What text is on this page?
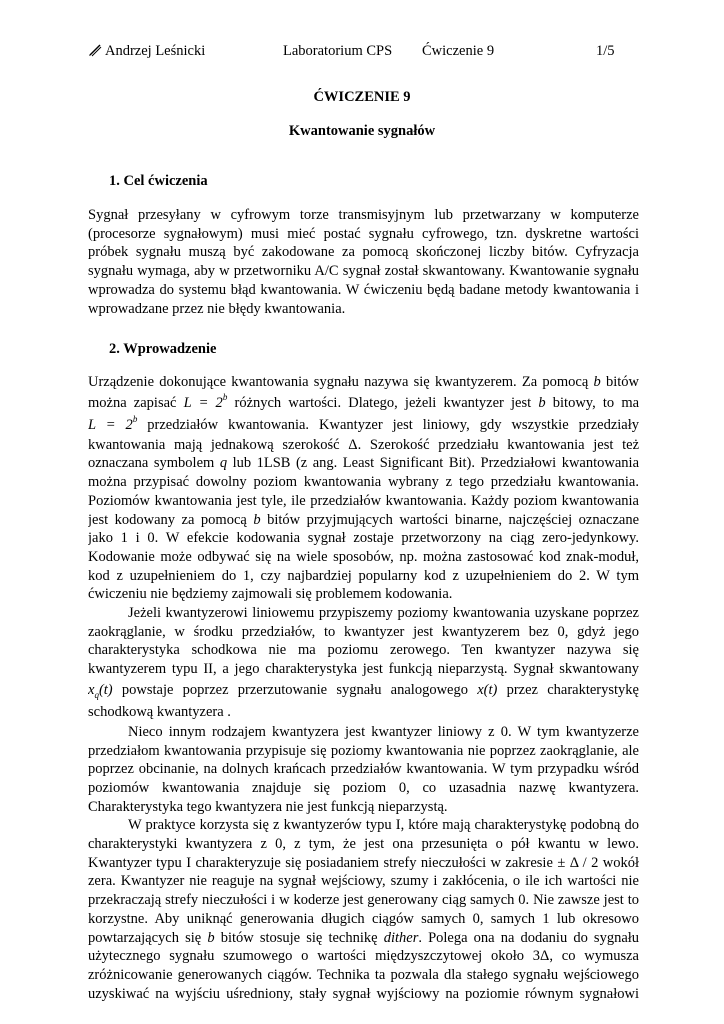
Andrzej Leśnicki	Laboratorium CPS Ćwiczenie 9	1/5
ĆWICZENIE 9
Kwantowanie sygnałów
1. Cel ćwiczenia
Sygnał przesyłany w cyfrowym torze transmisyjnym lub przetwarzany w komputerze
(procesorze sygnałowym) musi mieć postać sygnału cyfrowego, tzn. dyskretne wartości
próbek sygnału muszą być zakodowane za pomocą skończonej liczby bitów. Cyfryzacja
sygnału wymaga, aby w przetworniku A/C sygnał został skwantowany. Kwantowanie sygnału
wprowadza do systemu błąd kwantowania. W ćwiczeniu będą badane metody kwantowania i
wprowadzane przez nie błędy kwantowania.
2. Wprowadzenie
Urządzenie dokonujące kwantowania sygnału nazywa się kwantyzerem. Za pomocą b bitów
można zapisać $L = 2^b$ różnych wartości. Dlatego, jeżeli kwantyzer jest b bitowy, to ma
$L = 2^b$ przedziałów kwantowania. Kwantyzer jest liniowy, gdy wszystkie przedziały
kwantowania mają jednakową szerokość Δ. Szerokość przedziału kwantowania jest też
oznaczana symbolem q lub 1LSB (z ang. Least Significant Bit). Przedziałowi kwantowania
można przypisać dowolny poziom kwantowania wybrany z tego przedziału kwantowania.
Poziomów kwantowania jest tyle, ile przedziałów kwantowania. Każdy poziom kwantowania
jest kodowany za pomocą b bitów przyjmujących wartości binarne, najczęściej oznaczane
jako 1 i 0. W efekcie kodowania sygnał zostaje przetworzony na ciąg zero-jedynkowy.
Kodowanie może odbywać się na wiele sposobów, np. można zastosować kod znak-moduł,
kod z uzupełnieniem do 1, czy najbardziej popularny kod z uzupełnieniem do 2. W tym
ćwiczeniu nie będziemy zajmowali się problemem kodowania.
Jeżeli kwantyzerowi liniowemu przypiszemy poziomy kwantowania uzyskane poprzez
zaokrąglanie, w środku przedziałów, to kwantyzer jest kwantyzerem bez 0, gdyż jego
charakterystyka schodkowa nie ma poziomu zerowego. Ten kwantyzer nazywa się
kwantyzerem typu II, a jego charakterystyka jest funkcją nieparzystą. Sygnał skwantowany
$x_q(t)$ powstaje poprzez przerzutowanie sygnału analogowego x(t) przez charakterystykę
schodkową kwantyzera .
Nieco innym rodzajem kwantyzera jest kwantyzer liniowy z 0. W tym kwantyzerze
przedziałom kwantowania przypisuje się poziomy kwantowania nie poprzez zaokrąglanie, ale
poprzez obcinanie, na dolnych krańcach przedziałów kwantowania. W tym przypadku wśród
poziomów kwantowania znajduje się poziom 0, co uzasadnia nazwę kwantyzera.
Charakterystyka tego kwantyzera nie jest funkcją nieparzystą.
W praktyce korzysta się z kwantyzerów typu I, które mają charakterystykę podobną do
charakterystyki kwantyzera z 0, z tym, że jest ona przesunięta o pół kwantu w lewo.
Kwantyzer typu I charakteryzuje się posiadaniem strefy nieczułości w zakresie ± Δ / 2 wokół
zera. Kwantyzer nie reaguje na sygnał wejściowy, szumy i zakłócenia, o ile ich wartości nie
przekraczają strefy nieczułości i w koderze jest generowany ciąg samych 0. Nie zawsze jest to
korzystne. Aby uniknąć generowania długich ciągów samych 0, samych 1 lub okresowo
powtarzających się b bitów stosuje się technikę dither. Polega ona na dodaniu do sygnału
użytecznego sygnału szumowego o wartości międzyszczytowej około 3Δ, co wymusza
zróżnicowanie generowanych ciągów. Technika ta pozwala dla stałego sygnału wejściowego
uzyskiwać na wyjściu uśredniony, stały sygnał wyjściowy na poziomie równym sygnałowi
